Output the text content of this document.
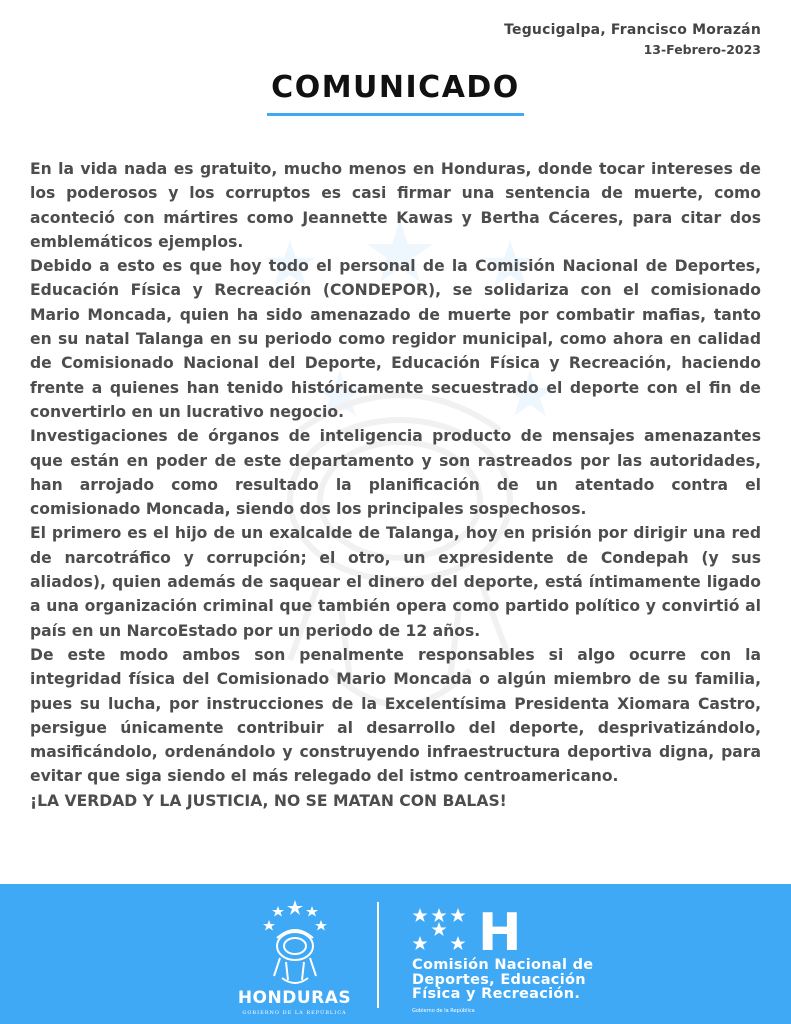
Tegucigalpa, Francisco Morazán
13-Febrero-2023
COMUNICADO

En la vida nada es gratuito, mucho menos en Honduras, donde tocar intereses de los poderosos y los corruptos es casi firmar una sentencia de muerte, como aconteció con mártires como Jeannette Kawas y Bertha Cáceres, para citar dos emblemáticos ejemplos.

Debido a esto es que hoy todo el personal de la Comisión Nacional de Deportes, Educación Física y Recreación (CONDEPOR), se solidariza con el comisionado Mario Moncada, quien ha sido amenazado de muerte por combatir mafias, tanto en su natal Talanga en su periodo como regidor municipal, como ahora en calidad de Comisionado Nacional del Deporte, Educación Física y Recreación, haciendo frente a quienes han tenido históricamente secuestrado el deporte con el fin de convertirlo en un lucrativo negocio.

Investigaciones de órganos de inteligencia producto de mensajes amenazantes que están en poder de este departamento y son rastreados por las autoridades, han arrojado como resultado la planificación de un atentado contra el comisionado Moncada, siendo dos los principales sospechosos.

El primero es el hijo de un exalcalde de Talanga, hoy en prisión por dirigir una red de narcotráfico y corrupción; el otro, un expresidente de Condepah (y sus aliados), quien además de saquear el dinero del deporte, está íntimamente ligado a una organización criminal que también opera como partido político y convirtió al país en un NarcoEstado por un periodo de 12 años.

De este modo ambos son penalmente responsables si algo ocurre con la integridad física del Comisionado Mario Moncada o algún miembro de su familia, pues su lucha, por instrucciones de la Excelentísima Presidenta Xiomara Castro, persigue únicamente contribuir al desarrollo del deporte, desprivatizándolo, masificándolo, ordenándolo y construyendo infraestructura deportiva digna, para evitar que siga siendo el más relegado del istmo centroamericano.

¡LA VERDAD Y LA JUSTICIA, NO SE MATAN CON BALAS!

HONDURAS
GOBIERNO DE LA REPÚBLICA
H
Comisión Nacional de
Deportes, Educación
Física y Recreación.
Gobierno de la República
